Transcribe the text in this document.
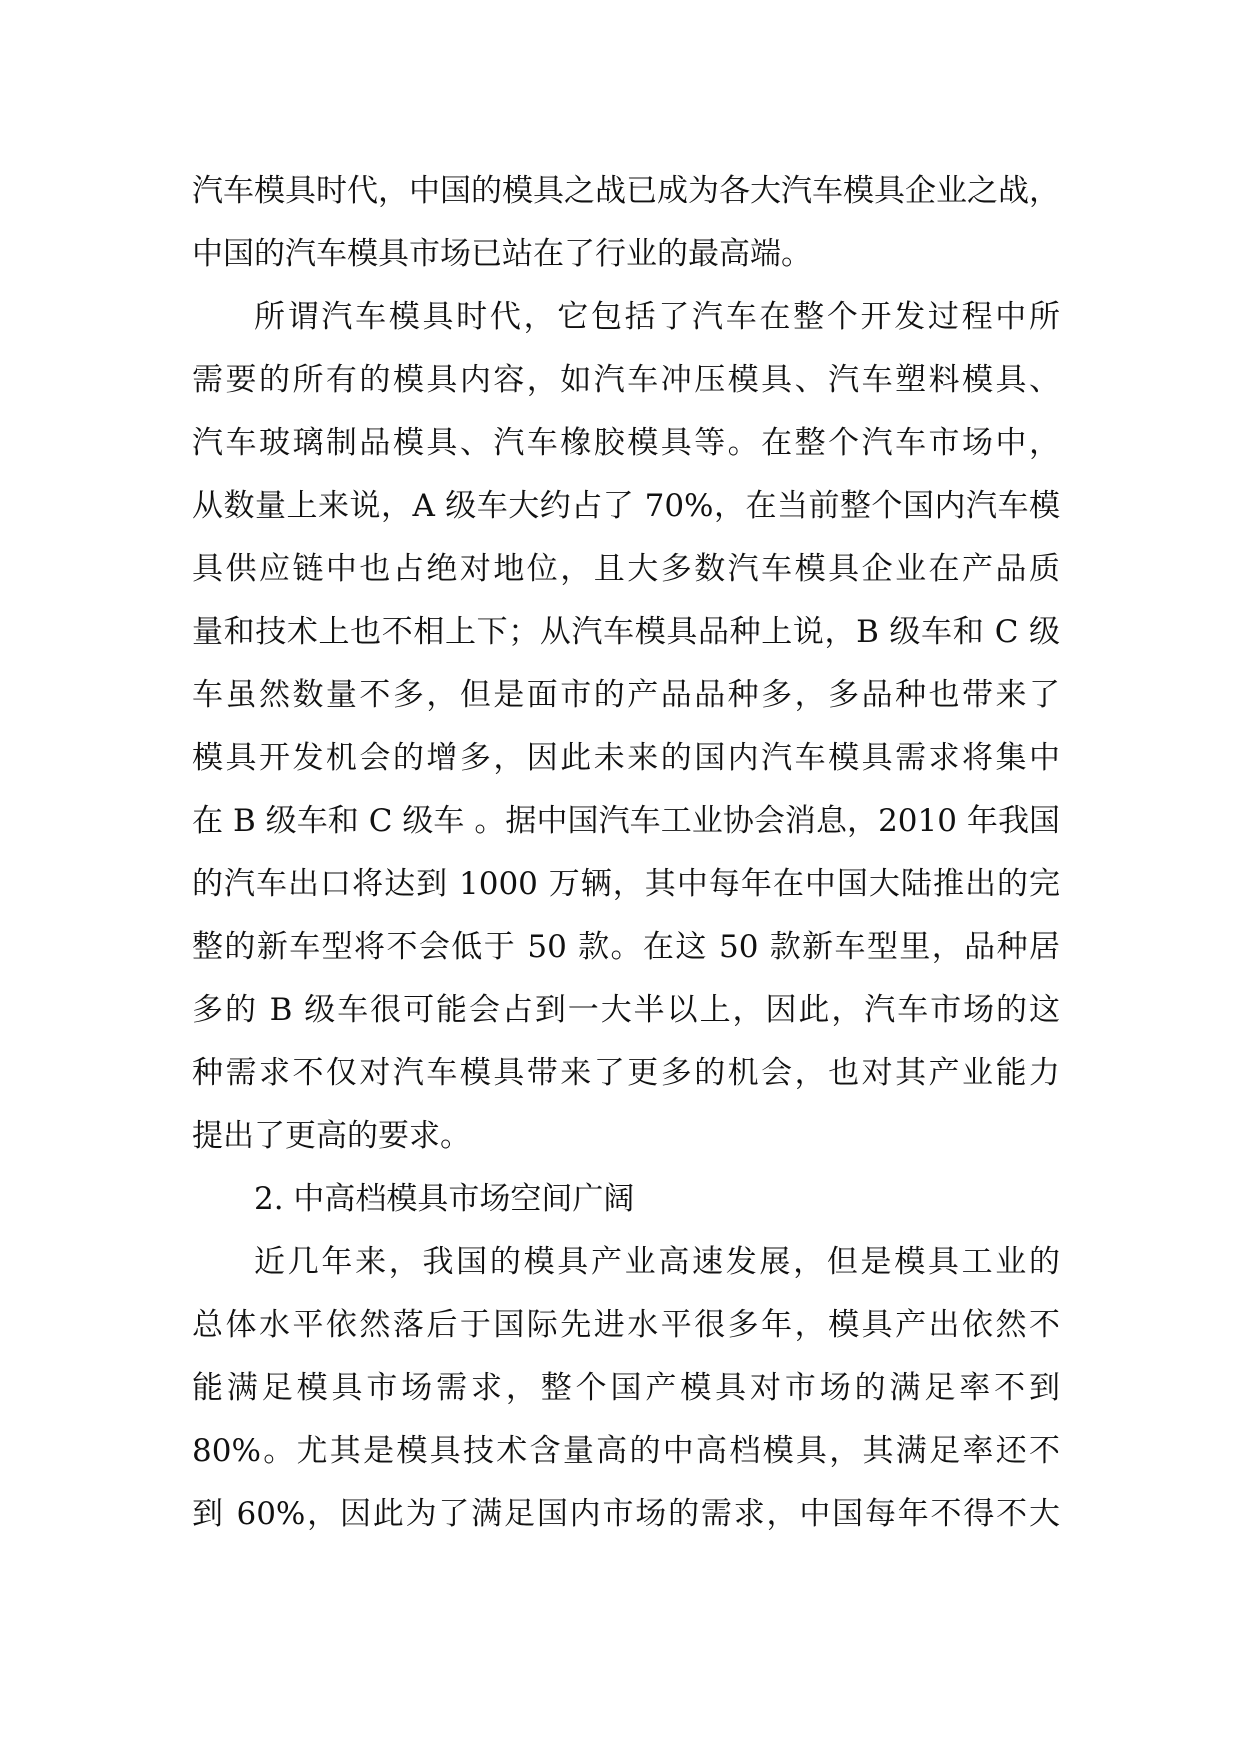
汽车模具时代，中国的模具之战已成为各大汽车模具企业之战，
中国的汽车模具市场已站在了行业的最高端。
所谓汽车模具时代，它包括了汽车在整个开发过程中所
需要的所有的模具内容，如汽车冲压模具、汽车塑料模具、
汽车玻璃制品模具、汽车橡胶模具等。在整个汽车市场中，
从数量上来说，A 级车大约占了 70%，在当前整个国内汽车模
具供应链中也占绝对地位，且大多数汽车模具企业在产品质
量和技术上也不相上下；从汽车模具品种上说，B 级车和 C 级
车虽然数量不多，但是面市的产品品种多，多品种也带来了
模具开发机会的增多，因此未来的国内汽车模具需求将集中
在 B 级车和 C 级车 。据中国汽车工业协会消息，2010 年我国
的汽车出口将达到 1000 万辆，其中每年在中国大陆推出的完
整的新车型将不会低于 50 款。在这 50 款新车型里，品种居
多的 B 级车很可能会占到一大半以上，因此，汽车市场的这
种需求不仅对汽车模具带来了更多的机会，也对其产业能力
提出了更高的要求。
2. 中高档模具市场空间广阔
近几年来，我国的模具产业高速发展，但是模具工业的
总体水平依然落后于国际先进水平很多年，模具产出依然不
能满足模具市场需求，整个国产模具对市场的满足率不到
80%。尤其是模具技术含量高的中高档模具，其满足率还不
到 60%，因此为了满足国内市场的需求，中国每年不得不大
